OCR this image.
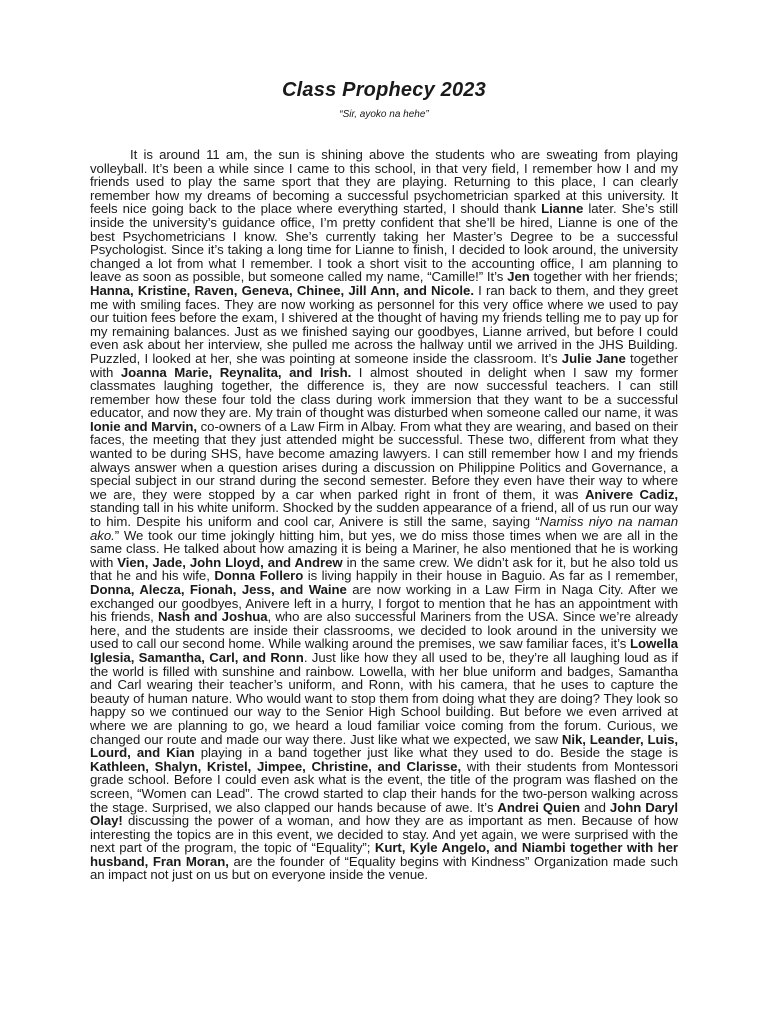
Class Prophecy 2023

“Sir, ayoko na hehe”

It is around 11 am, the sun is shining above the students who are sweating from playing volleyball. It’s been a while since I came to this school, in that very field, I remember how I and my friends used to play the same sport that they are playing. Returning to this place, I can clearly remember how my dreams of becoming a successful psychometrician sparked at this university. It feels nice going back to the place where everything started, I should thank Lianne later. She’s still inside the university’s guidance office, I’m pretty confident that she’ll be hired, Lianne is one of the best Psychometricians I know. She’s currently taking her Master’s Degree to be a successful Psychologist. Since it’s taking a long time for Lianne to finish, I decided to look around, the university changed a lot from what I remember. I took a short visit to the accounting office, I am planning to leave as soon as possible, but someone called my name, “Camille!” It’s Jen together with her friends; Hanna, Kristine, Raven, Geneva, Chinee, Jill Ann, and Nicole. I ran back to them, and they greet me with smiling faces. They are now working as personnel for this very office where we used to pay our tuition fees before the exam, I shivered at the thought of having my friends telling me to pay up for my remaining balances. Just as we finished saying our goodbyes, Lianne arrived, but before I could even ask about her interview, she pulled me across the hallway until we arrived in the JHS Building. Puzzled, I looked at her, she was pointing at someone inside the classroom. It’s Julie Jane together with Joanna Marie, Reynalita, and Irish. I almost shouted in delight when I saw my former classmates laughing together, the difference is, they are now successful teachers. I can still remember how these four told the class during work immersion that they want to be a successful educator, and now they are. My train of thought was disturbed when someone called our name, it was Ionie and Marvin, co-owners of a Law Firm in Albay. From what they are wearing, and based on their faces, the meeting that they just attended might be successful. These two, different from what they wanted to be during SHS, have become amazing lawyers. I can still remember how I and my friends always answer when a question arises during a discussion on Philippine Politics and Governance, a special subject in our strand during the second semester. Before they even have their way to where we are, they were stopped by a car when parked right in front of them, it was Anivere Cadiz, standing tall in his white uniform. Shocked by the sudden appearance of a friend, all of us run our way to him. Despite his uniform and cool car, Anivere is still the same, saying “Namiss niyo na naman ako.” We took our time jokingly hitting him, but yes, we do miss those times when we are all in the same class. He talked about how amazing it is being a Mariner, he also mentioned that he is working with Vien, Jade, John Lloyd, and Andrew in the same crew. We didn’t ask for it, but he also told us that he and his wife, Donna Follero is living happily in their house in Baguio. As far as I remember, Donna, Alecza, Fionah, Jess, and Waine are now working in a Law Firm in Naga City. After we exchanged our goodbyes, Anivere left in a hurry, I forgot to mention that he has an appointment with his friends, Nash and Joshua, who are also successful Mariners from the USA. Since we’re already here, and the students are inside their classrooms, we decided to look around in the university we used to call our second home. While walking around the premises, we saw familiar faces, it’s Lowella Iglesia, Samantha, Carl, and Ronn. Just like how they all used to be, they’re all laughing loud as if the world is filled with sunshine and rainbow. Lowella, with her blue uniform and badges, Samantha and Carl wearing their teacher’s uniform, and Ronn, with his camera, that he uses to capture the beauty of human nature. Who would want to stop them from doing what they are doing? They look so happy so we continued our way to the Senior High School building. But before we even arrived at where we are planning to go, we heard a loud familiar voice coming from the forum. Curious, we changed our route and made our way there. Just like what we expected, we saw Nik, Leander, Luis, Lourd, and Kian playing in a band together just like what they used to do. Beside the stage is Kathleen, Shalyn, Kristel, Jimpee, Christine, and Clarisse, with their students from Montessori grade school. Before I could even ask what is the event, the title of the program was flashed on the screen, “Women can Lead”. The crowd started to clap their hands for the two-person walking across the stage. Surprised, we also clapped our hands because of awe. It’s Andrei Quien and John Daryl Olay! discussing the power of a woman, and how they are as important as men. Because of how interesting the topics are in this event, we decided to stay. And yet again, we were surprised with the next part of the program, the topic of “Equality”; Kurt, Kyle Angelo, and Niambi together with her husband, Fran Moran, are the founder of “Equality begins with Kindness” Organization made such an impact not just on us but on everyone inside the venue.
